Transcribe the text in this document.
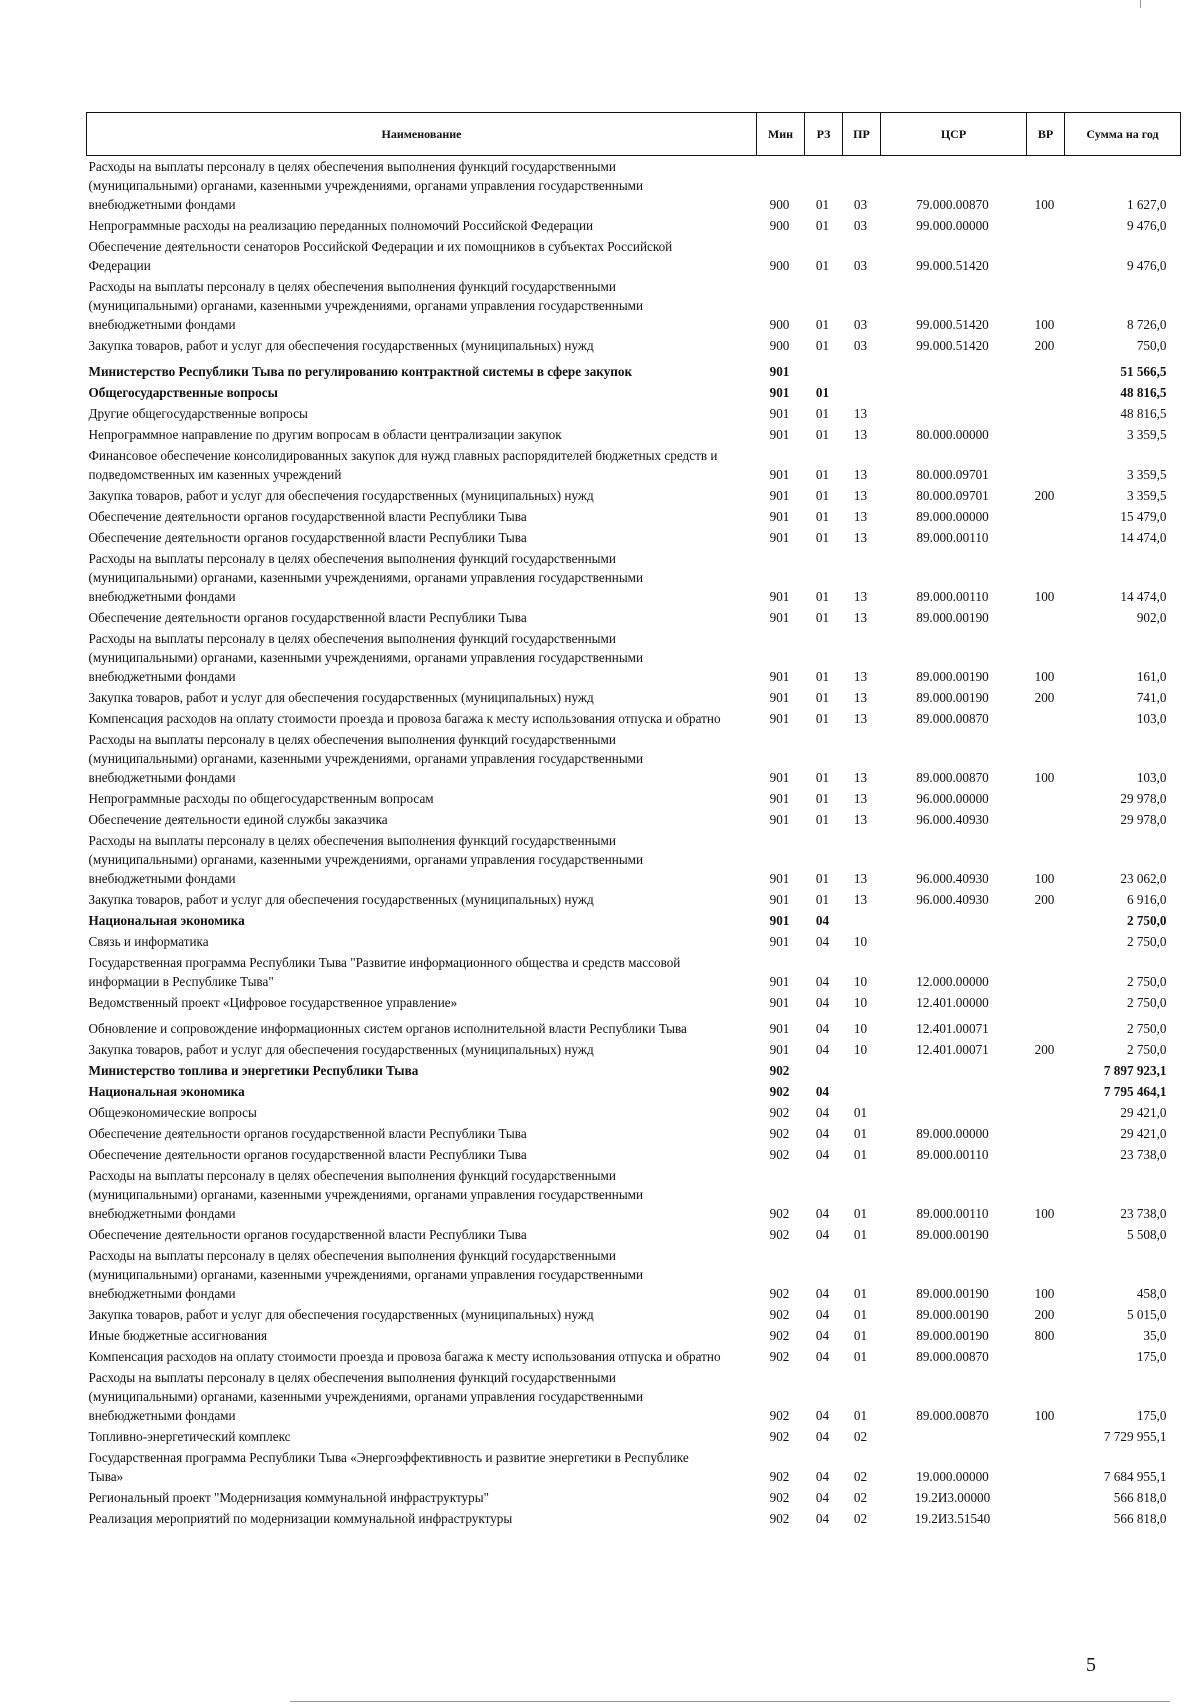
Наименование	Мин	РЗ	ПР	ЦСР	ВР	Сумма на год
Расходы на выплаты персоналу в целях обеспечения выполнения функций государственными (муниципальными) органами, казенными учреждениями, органами управления государственными внебюджетными фондами	900	01	03	79.000.00870	100	1 627,0
Непрограммные расходы на реализацию переданных полномочий Российской Федерации	900	01	03	99.000.00000		9 476,0
Обеспечение деятельности сенаторов Российской Федерации и их помощников в субъектах Российской Федерации	900	01	03	99.000.51420		9 476,0
Расходы на выплаты персоналу в целях обеспечения выполнения функций государственными (муниципальными) органами, казенными учреждениями, органами управления государственными внебюджетными фондами	900	01	03	99.000.51420	100	8 726,0
Закупка товаров, работ и услуг для обеспечения государственных (муниципальных) нужд	900	01	03	99.000.51420	200	750,0
Министерство Республики Тыва по регулированию контрактной системы в сфере закупок	901					51 566,5
Общегосударственные вопросы	901	01				48 816,5
Другие общегосударственные вопросы	901	01	13			48 816,5
Непрограммное направление по другим вопросам в области централизации закупок	901	01	13	80.000.00000		3 359,5
Финансовое обеспечение консолидированных закупок для нужд главных распорядителей бюджетных средств и подведомственных им казенных учреждений	901	01	13	80.000.09701		3 359,5
Закупка товаров, работ и услуг для обеспечения государственных (муниципальных) нужд	901	01	13	80.000.09701	200	3 359,5
Обеспечение деятельности органов государственной власти Республики Тыва	901	01	13	89.000.00000		15 479,0
Обеспечение деятельности органов государственной власти Республики Тыва	901	01	13	89.000.00110		14 474,0
Расходы на выплаты персоналу в целях обеспечения выполнения функций государственными (муниципальными) органами, казенными учреждениями, органами управления государственными внебюджетными фондами	901	01	13	89.000.00110	100	14 474,0
Обеспечение деятельности органов государственной власти Республики Тыва	901	01	13	89.000.00190		902,0
Расходы на выплаты персоналу в целях обеспечения выполнения функций государственными (муниципальными) органами, казенными учреждениями, органами управления государственными внебюджетными фондами	901	01	13	89.000.00190	100	161,0
Закупка товаров, работ и услуг для обеспечения государственных (муниципальных) нужд	901	01	13	89.000.00190	200	741,0
Компенсация расходов на оплату стоимости проезда и провоза багажа к месту использования отпуска и обратно	901	01	13	89.000.00870		103,0
Расходы на выплаты персоналу в целях обеспечения выполнения функций государственными (муниципальными) органами, казенными учреждениями, органами управления государственными внебюджетными фондами	901	01	13	89.000.00870	100	103,0
Непрограммные расходы по общегосударственным вопросам	901	01	13	96.000.00000		29 978,0
Обеспечение деятельности единой службы заказчика	901	01	13	96.000.40930		29 978,0
Расходы на выплаты персоналу в целях обеспечения выполнения функций государственными (муниципальными) органами, казенными учреждениями, органами управления государственными внебюджетными фондами	901	01	13	96.000.40930	100	23 062,0
Закупка товаров, работ и услуг для обеспечения государственных (муниципальных) нужд	901	01	13	96.000.40930	200	6 916,0
Национальная экономика	901	04				2 750,0
Связь и информатика	901	04	10			2 750,0
Государственная программа Республики Тыва "Развитие информационного общества и средств массовой информации в Республике Тыва"	901	04	10	12.000.00000		2 750,0
Ведомственный проект «Цифровое государственное управление»	901	04	10	12.401.00000		2 750,0
Обновление и сопровождение информационных систем органов исполнительной власти Республики Тыва	901	04	10	12.401.00071		2 750,0
Закупка товаров, работ и услуг для обеспечения государственных (муниципальных) нужд	901	04	10	12.401.00071	200	2 750,0
Министерство топлива и энергетики Республики Тыва	902					7 897 923,1
Национальная экономика	902	04				7 795 464,1
Общеэкономические вопросы	902	04	01			29 421,0
Обеспечение деятельности органов государственной власти Республики Тыва	902	04	01	89.000.00000		29 421,0
Обеспечение деятельности органов государственной власти Республики Тыва	902	04	01	89.000.00110		23 738,0
Расходы на выплаты персоналу в целях обеспечения выполнения функций государственными (муниципальными) органами, казенными учреждениями, органами управления государственными внебюджетными фондами	902	04	01	89.000.00110	100	23 738,0
Обеспечение деятельности органов государственной власти Республики Тыва	902	04	01	89.000.00190		5 508,0
Расходы на выплаты персоналу в целях обеспечения выполнения функций государственными (муниципальными) органами, казенными учреждениями, органами управления государственными внебюджетными фондами	902	04	01	89.000.00190	100	458,0
Закупка товаров, работ и услуг для обеспечения государственных (муниципальных) нужд	902	04	01	89.000.00190	200	5 015,0
Иные бюджетные ассигнования	902	04	01	89.000.00190	800	35,0
Компенсация расходов на оплату стоимости проезда и провоза багажа к месту использования отпуска и обратно	902	04	01	89.000.00870		175,0
Расходы на выплаты персоналу в целях обеспечения выполнения функций государственными (муниципальными) органами, казенными учреждениями, органами управления государственными внебюджетными фондами	902	04	01	89.000.00870	100	175,0
Топливно-энергетический комплекс	902	04	02			7 729 955,1
Государственная программа Республики Тыва «Энергоэффективность и развитие энергетики в Республике Тыва»	902	04	02	19.000.00000		7 684 955,1
Региональный проект "Модернизация коммунальной инфраструктуры"	902	04	02	19.2И3.00000		566 818,0
Реализация мероприятий по модернизации коммунальной инфраструктуры	902	04	02	19.2И3.51540		566 818,0
5
